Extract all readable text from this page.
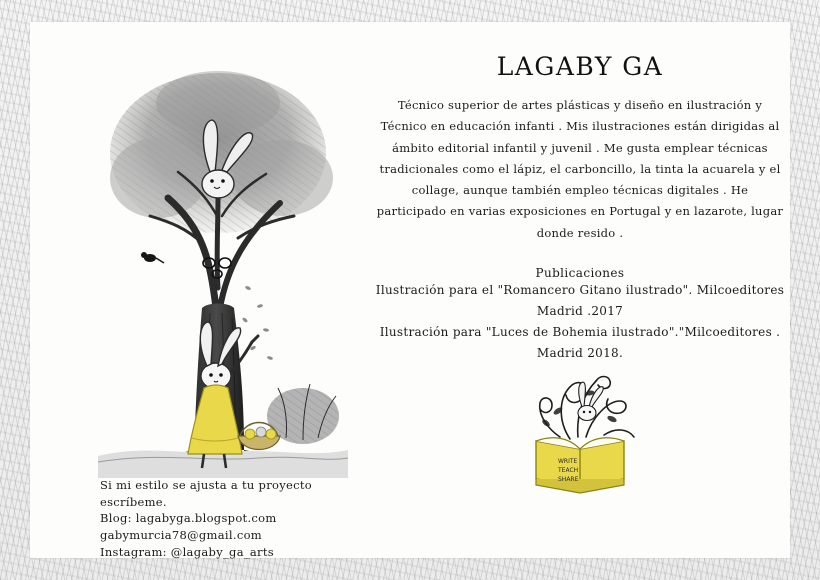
Si mi estilo se ajusta a tu proyecto
escríbeme.
Blog: lagabyga.blogspot.com
gabymurcia78@gmail.com
Instagram: @lagaby_ga_arts
LAGABY GA

Técnico superior de artes plásticas y diseño en ilustración y Técnico en educación infanti . Mis ilustraciones están dirigidas al ámbito editorial infantil y juvenil . Me gusta emplear técnicas tradicionales como el lápiz, el carboncillo, la tinta la acuarela y el collage, aunque también empleo técnicas digitales . He participado en varias exposiciones en Portugal y en lazarote, lugar donde resido .

Publicaciones
Ilustración para el "Romancero Gitano ilustrado". Milcoeditores
Madrid .2017
Ilustración para "Luces de Bohemia ilustrado"."Milcoeditores .
Madrid 2018.
WRITE
TEACH
SHARE
